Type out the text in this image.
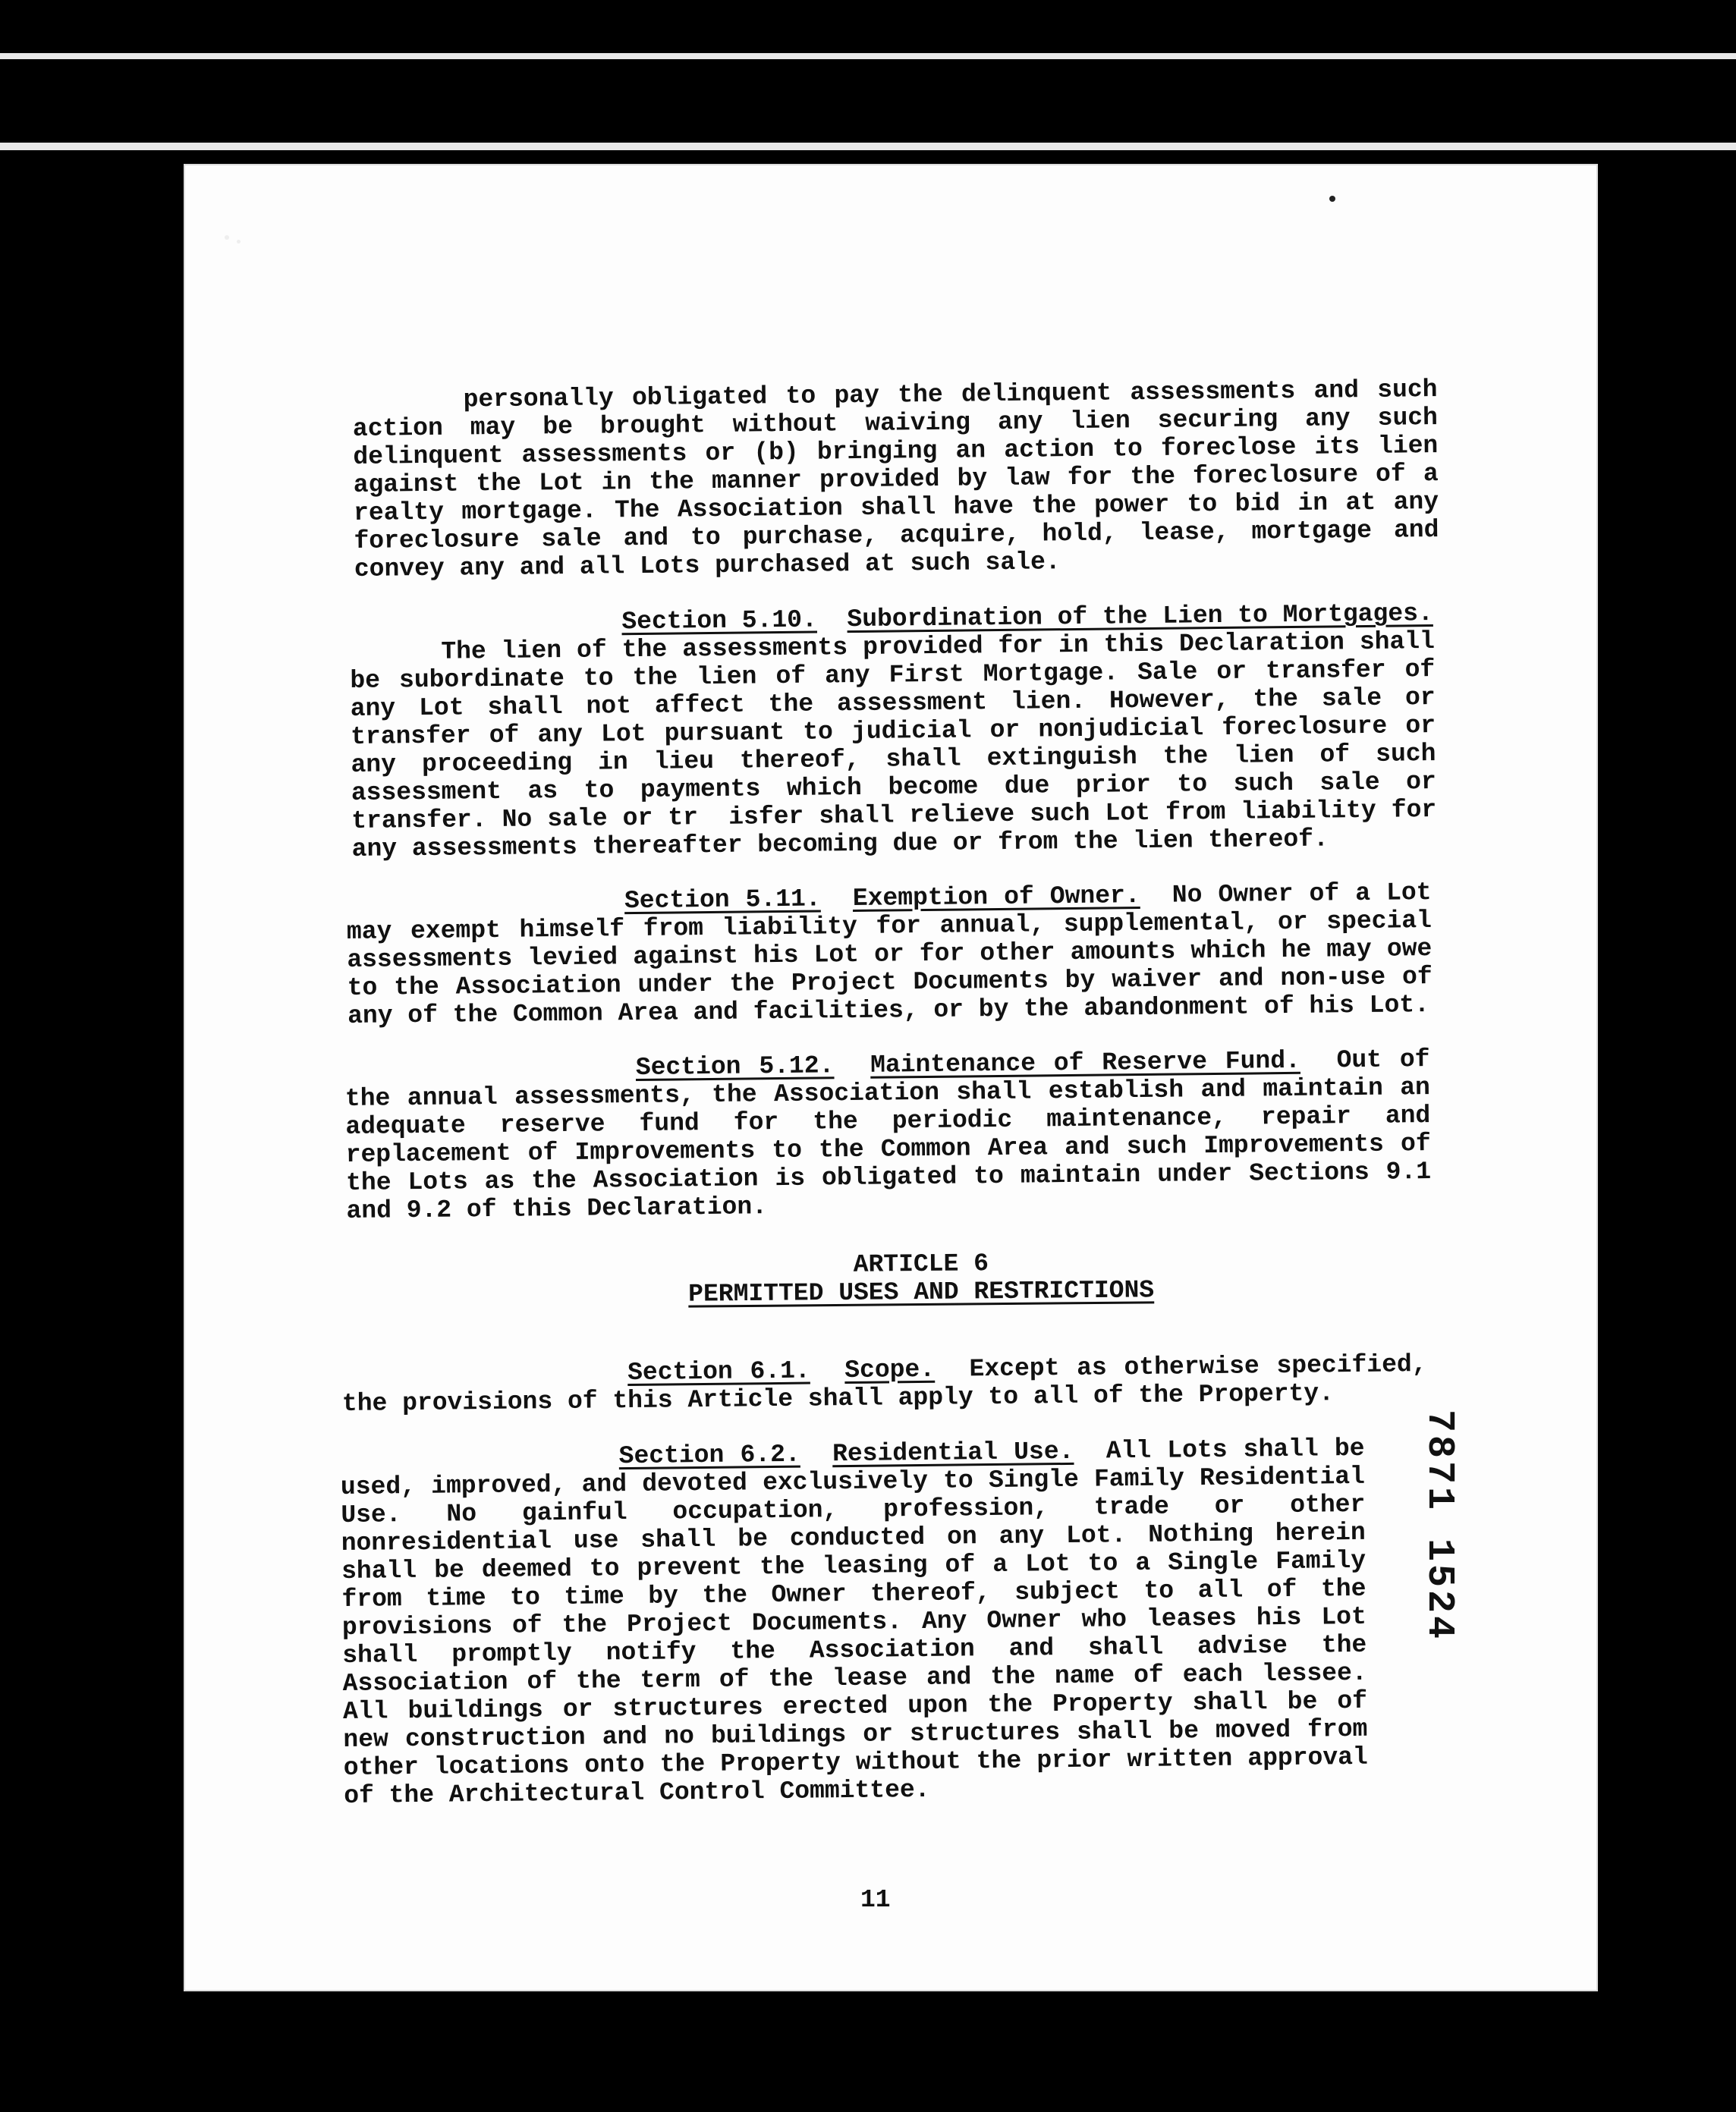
personally obligated to pay the delinquent assessments and such action may be brought without waiving any lien securing any such delinquent assessments or (b) bringing an action to foreclose its lien against the Lot in the manner provided by law for the foreclosure of a realty mortgage. The Association shall have the power to bid in at any foreclosure sale and to purchase, acquire, hold, lease, mortgage and convey any and all Lots purchased at such sale.

Section 5.10. Subordination of the Lien to Mortgages.
The lien of the assessments provided for in this Declaration shall be subordinate to the lien of any First Mortgage. Sale or transfer of any Lot shall not affect the assessment lien. However, the sale or transfer of any Lot pursuant to judicial or nonjudicial foreclosure or any proceeding in lieu thereof, shall extinguish the lien of such assessment as to payments which become due prior to such sale or transfer. No sale or tr  isfer shall relieve such Lot from liability for any assessments thereafter becoming due or from the lien thereof.

Section 5.11. Exemption of Owner. No Owner of a Lot may exempt himself from liability for annual, supplemental, or special assessments levied against his Lot or for other amounts which he may owe to the Association under the Project Documents by waiver and non-use of any of the Common Area and facilities, or by the abandonment of his Lot.

Section 5.12. Maintenance of Reserve Fund. Out of the annual assessments, the Association shall establish and maintain an adequate reserve fund for the periodic maintenance, repair and replacement of Improvements to the Common Area and such Improvements of the Lots as the Association is obligated to maintain under Sections 9.1 and 9.2 of this Declaration.

ARTICLE 6
PERMITTED USES AND RESTRICTIONS

Section 6.1. Scope. Except as otherwise specified, the provisions of this Article shall apply to all of the Property.

Section 6.2. Residential Use. All Lots shall be used, improved, and devoted exclusively to Single Family Residential Use. No gainful occupation, profession, trade or other nonresidential use shall be conducted on any Lot. Nothing herein shall be deemed to prevent the leasing of a Lot to a Single Family from time to time by the Owner thereof, subject to all of the provisions of the Project Documents. Any Owner who leases his Lot shall promptly notify the Association and shall advise the Association of the term of the lease and the name of each lessee. All buildings or structures erected upon the Property shall be of new construction and no buildings or structures shall be moved from other locations onto the Property without the prior written approval of the Architectural Control Committee.

11
7871 1524
